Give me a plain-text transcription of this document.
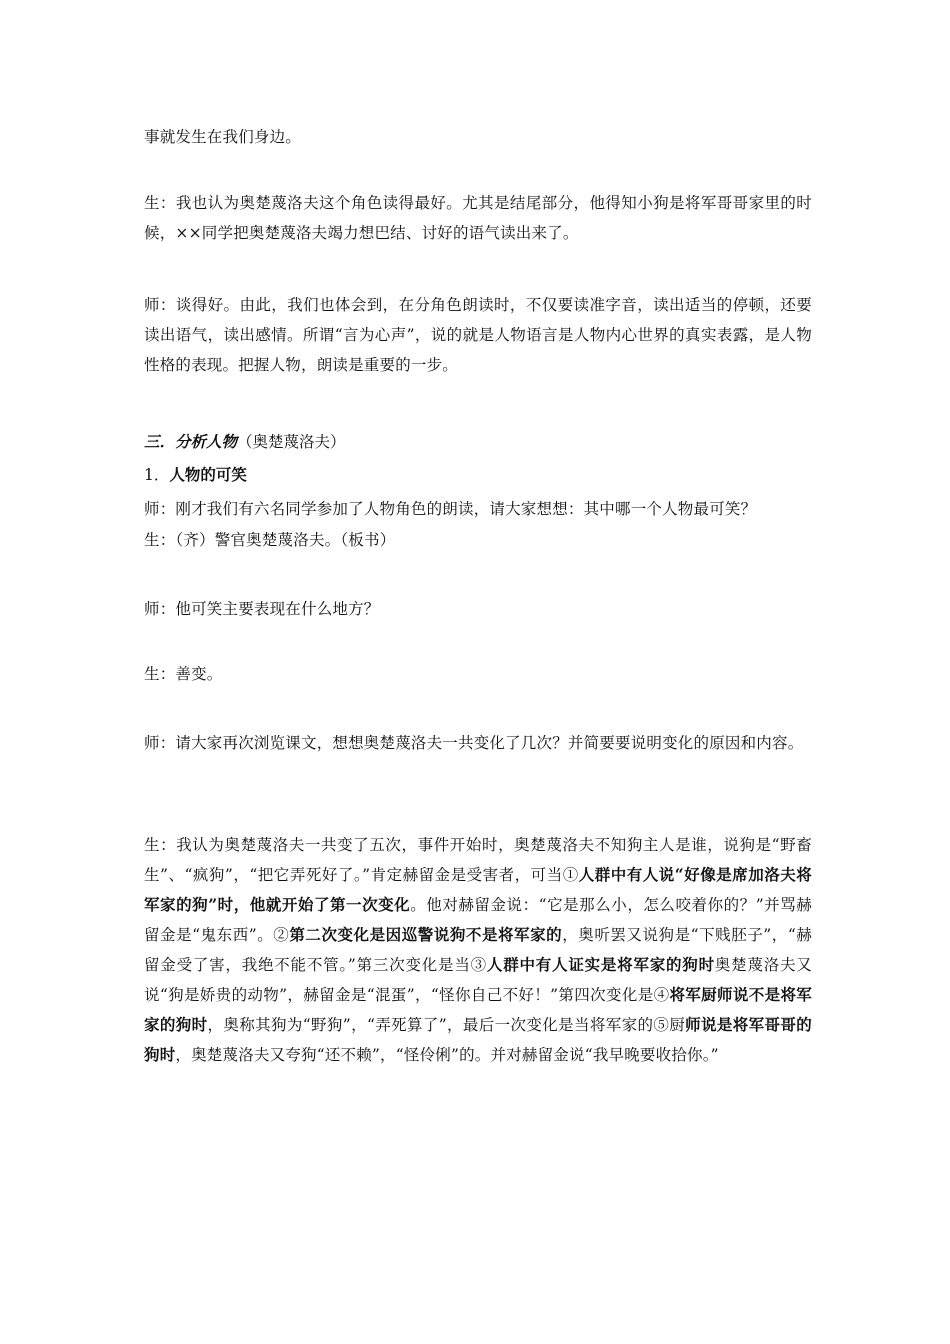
事就发生在我们身边。

生：我也认为奥楚蔑洛夫这个角色读得最好。尤其是结尾部分，他得知小狗是将军哥哥家里的时候，××同学把奥楚蔑洛夫竭力想巴结、讨好的语气读出来了。

师：谈得好。由此，我们也体会到，在分角色朗读时，不仅要读准字音，读出适当的停顿，还要读出语气，读出感情。所谓“言为心声”，说的就是人物语言是人物内心世界的真实表露，是人物性格的表现。把握人物，朗读是重要的一步。

三．分析人物（奥楚蔑洛夫）

1．人物的可笑

师：刚才我们有六名同学参加了人物角色的朗读，请大家想想：其中哪一个人物最可笑？

生：（齐）警官奥楚蔑洛夫。（板书）

师：他可笑主要表现在什么地方？

生：善变。

师：请大家再次浏览课文，想想奥楚蔑洛夫一共变化了几次？并简要要说明变化的原因和内容。

生：我认为奥楚蔑洛夫一共变了五次，事件开始时，奥楚蔑洛夫不知狗主人是谁，说狗是“野畜生”、“疯狗”，“把它弄死好了。”肯定赫留金是受害者，可当①人群中有人说“好像是席加洛夫将军家的狗”时，他就开始了第一次变化。他对赫留金说：“它是那么小，怎么咬着你的？”并骂赫留金是“鬼东西”。②第二次变化是因巡警说狗不是将军家的，奥听罢又说狗是“下贱胚子”，“赫留金受了害，我绝不能不管。”第三次变化是当③人群中有人证实是将军家的狗时奥楚蔑洛夫又说“狗是娇贵的动物”，赫留金是“混蛋”，“怪你自己不好！”第四次变化是④将军厨师说不是将军家的狗时，奥称其狗为“野狗”，“弄死算了”，最后一次变化是当将军家的⑤厨师说是将军哥哥的狗时，奥楚蔑洛夫又夸狗“还不赖”，“怪伶俐”的。并对赫留金说“我早晚要收拾你。”
